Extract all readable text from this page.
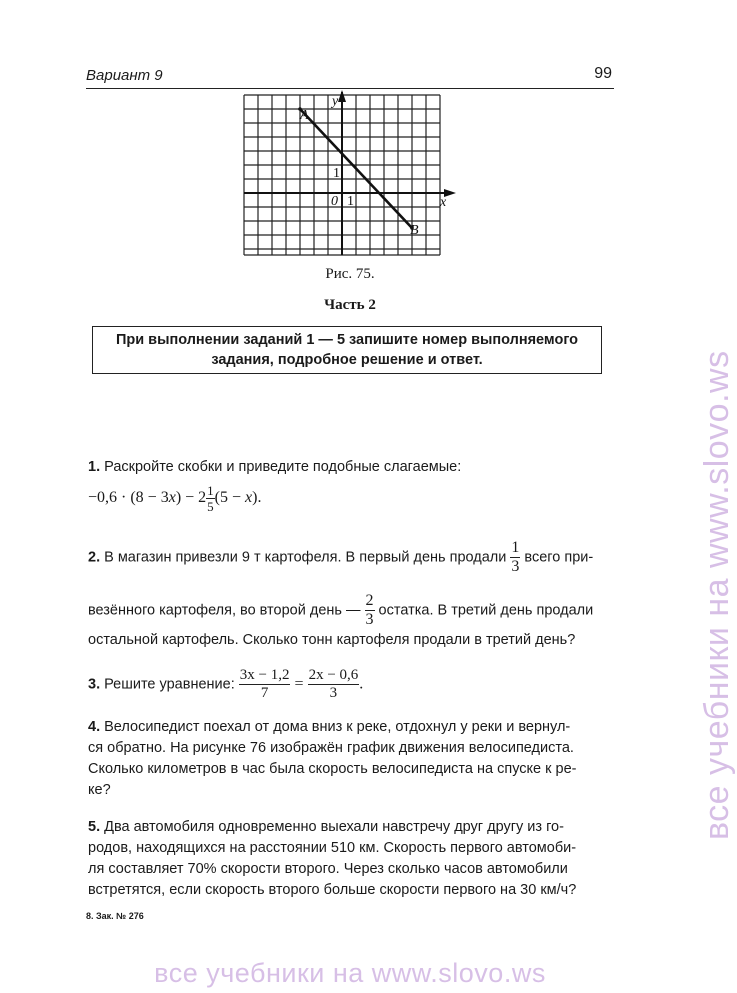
Вариант 9	99
y
x
A
B
0 1
1
Рис. 75.
Часть 2
При выполнении заданий 1 — 5 запишите номер выполняемого
задания, подробное решение и ответ.
1. Раскройте скобки и приведите подобные слагаемые:
$-0,6 \cdot (8 - 3x) - 2 \frac{1}{5} (5 - x)$.
2. В магазин привезли 9 т картофеля. В первый день продали $\frac{1}{3}$ всего при-
везённого картофеля, во второй день — $\frac{2}{3}$ остатка. В третий день продали
остальной картофель. Сколько тонн картофеля продали в третий день?
3. Решите уравнение: $\frac{3x - 1,2}{7} = \frac{2x - 0,6}{3}$ .
4. Велосипедист поехал от дома вниз к реке, отдохнул у реки и вернул-
ся обратно. На рисунке 76 изображён график движения велосипедиста.
Сколько километров в час была скорость велосипедиста на спуске к ре-
ке?
5. Два автомобиля одновременно выехали навстречу друг другу из го-
родов, находящихся на расстоянии 510 км. Скорость первого автомоби-
ля составляет 70% скорости второго. Через сколько часов автомобили
встретятся, если скорость второго больше скорости первого на 30 км/ч?
8. Зак. № 276
все учебники на www.slovo.ws
все учебники на www.slovo.ws
